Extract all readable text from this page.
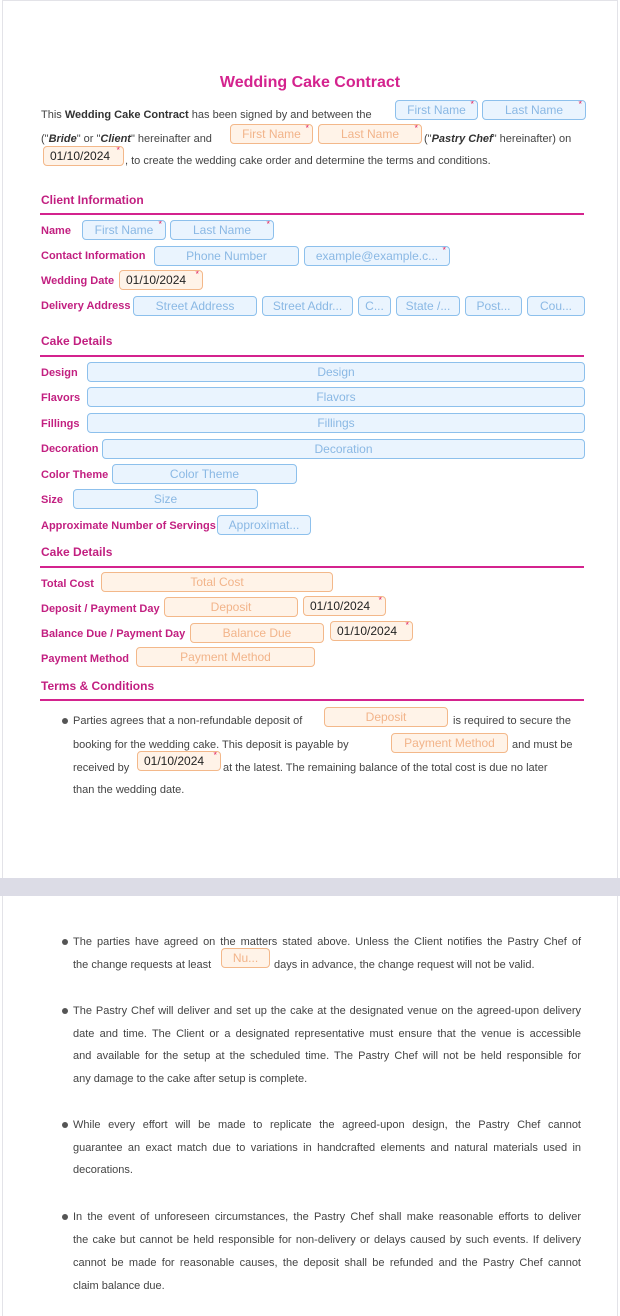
Wedding Cake Contract
This Wedding Cake Contract has been signed by and between the	First Name *	Last Name *
("Bride" or "Client" hereinafter and	First Name *	Last Name *	("Pastry Chef" hereinafter) on
01/10/2024 *	, to create the wedding cake order and determine the terms and conditions.
Client Information
Name	First Name *	Last Name *
Contact Information	Phone Number	example@example.c... *
Wedding Date 01/10/2024 *
Delivery Address	Street Address	Street Addr...	C...	State /...	Post...	Cou...
Cake Details
Design	Design
Flavors	Flavors
Fillings	Fillings
Decoration	Decoration
Color Theme	Color Theme
Size	Size
Approximate Number of Servings	Approximat...
Cake Details
Total Cost	Total Cost
Deposit / Payment Day	Deposit	01/10/2024 *
Balance Due / Payment Day	Balance Due	01/10/2024 *
Payment Method	Payment Method
Terms & Conditions
Parties agrees that a non-refundable deposit of	Deposit	is required to secure the
booking for the wedding cake. This deposit is payable by	Payment Method	and must be
received by	01/10/2024 *	at the latest. The remaining balance of the total cost is due no later
than the wedding date.
The parties have agreed on the matters stated above. Unless the Client notifies the Pastry Chef of
the change requests at least	Nu...	days in advance, the change request will not be valid.
The Pastry Chef will deliver and set up the cake at the designated venue on the agreed-upon delivery
date and time. The Client or a designated representative must ensure that the venue is accessible
and available for the setup at the scheduled time. The Pastry Chef will not be held responsible for
any damage to the cake after setup is complete.
While every effort will be made to replicate the agreed-upon design, the Pastry Chef cannot
guarantee an exact match due to variations in handcrafted elements and natural materials used in
decorations.
In the event of unforeseen circumstances, the Pastry Chef shall make reasonable efforts to deliver
the cake but cannot be held responsible for non-delivery or delays caused by such events. If delivery
cannot be made for reasonable causes, the deposit shall be refunded and the Pastry Chef cannot
claim balance due.
